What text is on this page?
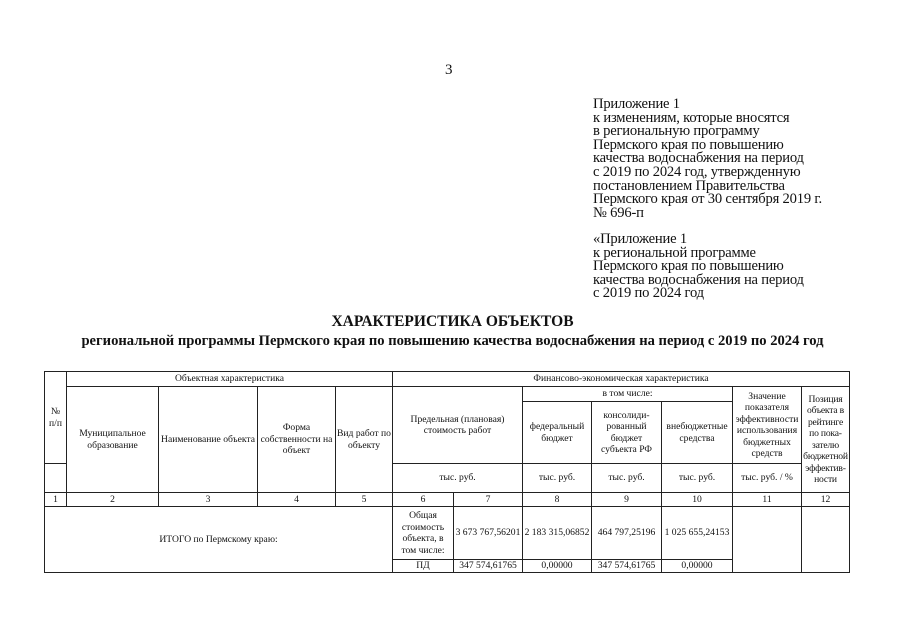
3
Приложение 1
к изменениям, которые вносятся
в региональную программу
Пермского края по повышению
качества водоснабжения на период
с 2019 по 2024 год, утвержденную
постановлением Правительства
Пермского края от 30 сентября 2019 г.
№ 696-п
«Приложение 1
к региональной программе
Пермского края по повышению
качества водоснабжения на период
с 2019 по 2024 год
ХАРАКТЕРИСТИКА ОБЪЕКТОВ
региональной программы Пермского края по повышению качества водоснабжения на период с 2019 по 2024 год
№ п/п	Объектная характеристика				Финансово-экономическая характеристика						
	Муниципальное образование	Наименование объекта	Форма собственности на объект	Вид работ по объекту	Предельная (плановая) стоимость работ		в том числе:			Значение показателя эффективности использования бюджетных средств	Позиция объекта в рейтинге по пока-зателю бюджетной эффектив-ности
							федеральный бюджет	консолиди-рованный бюджет субъекта РФ	внебюджетные средства		
					тыс. руб.		тыс. руб.	тыс. руб.	тыс. руб.	тыс. руб. / %	
1	2	3	4	5	6	7	8	9	10	11	12
ИТОГО по Пермскому краю:					Общая стоимость объекта, в том числе:	3 673 767,56201	2 183 315,06852	464 797,25196	1 025 655,24153		
					ПД	347 574,61765	0,00000	347 574,61765	0,00000		
